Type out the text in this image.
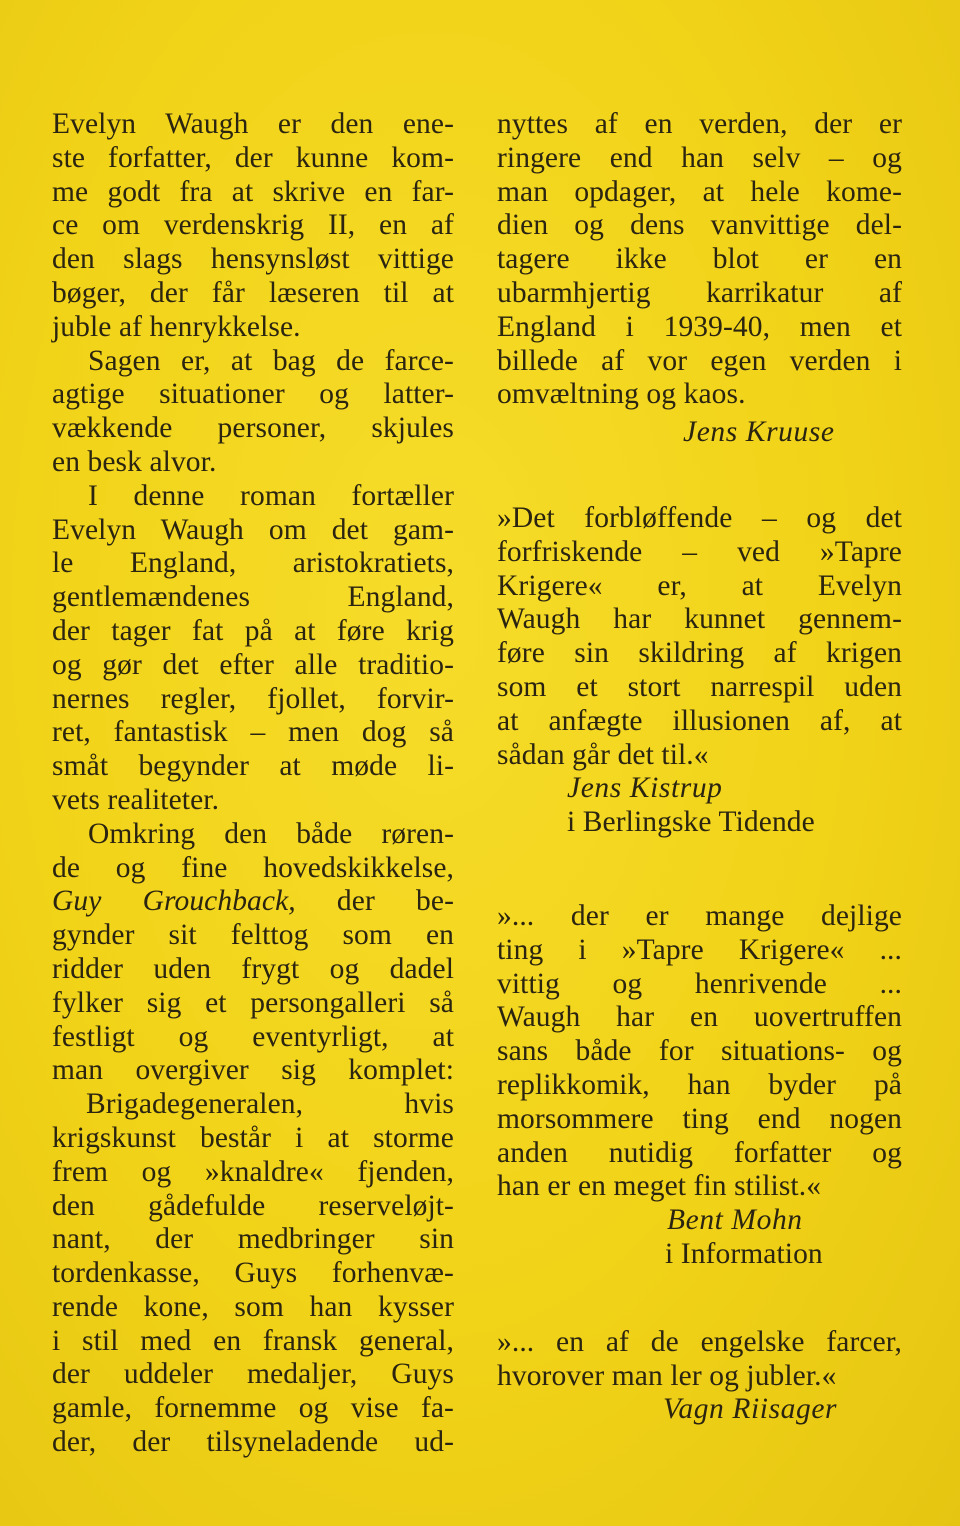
Evelyn Waugh er den ene-
ste forfatter, der kunne kom-
me godt fra at skrive en far-
ce om verdenskrig II, en af
den slags hensynsløst vittige
bøger, der får læseren til at
juble af henrykkelse.
Sagen er, at bag de farce-
agtige situationer og latter-
vækkende personer, skjules
en besk alvor.
I denne roman fortæller
Evelyn Waugh om det gam-
le England, aristokratiets,
gentlemændenes England,
der tager fat på at føre krig
og gør det efter alle traditio-
nernes regler, fjollet, forvir-
ret, fantastisk – men dog så
småt begynder at møde li-
vets realiteter.
Omkring den både røren-
de og fine hovedskikkelse,
Guy Grouchback, der be-
gynder sit felttog som en
ridder uden frygt og dadel
fylker sig et persongalleri så
festligt og eventyrligt, at
man overgiver sig komplet:
Brigadegeneralen, hvis
krigskunst består i at storme
frem og »knaldre« fjenden,
den gådefulde reserveløjt-
nant, der medbringer sin
tordenkasse, Guys forhenvæ-
rende kone, som han kysser
i stil med en fransk general,
der uddeler medaljer, Guys
gamle, fornemme og vise fa-
der, der tilsyneladende ud-
nyttes af en verden, der er
ringere end han selv – og
man opdager, at hele kome-
dien og dens vanvittige del-
tagere ikke blot er en
ubarmhjertig karrikatur af
England i 1939-40, men et
billede af vor egen verden i
omvæltning og kaos.
Jens Kruuse
»Det forbløffende – og det
forfriskende – ved »Tapre
Krigere« er, at Evelyn
Waugh har kunnet gennem-
føre sin skildring af krigen
som et stort narrespil uden
at anfægte illusionen af, at
sådan går det til.«
Jens Kistrup
i Berlingske Tidende
»... der er mange dejlige
ting i »Tapre Krigere« ...
vittig og henrivende ...
Waugh har en uovertruffen
sans både for situations- og
replikkomik, han byder på
morsommere ting end nogen
anden nutidig forfatter og
han er en meget fin stilist.«
Bent Mohn
i Information
»... en af de engelske farcer,
hvorover man ler og jubler.«
Vagn Riisager
